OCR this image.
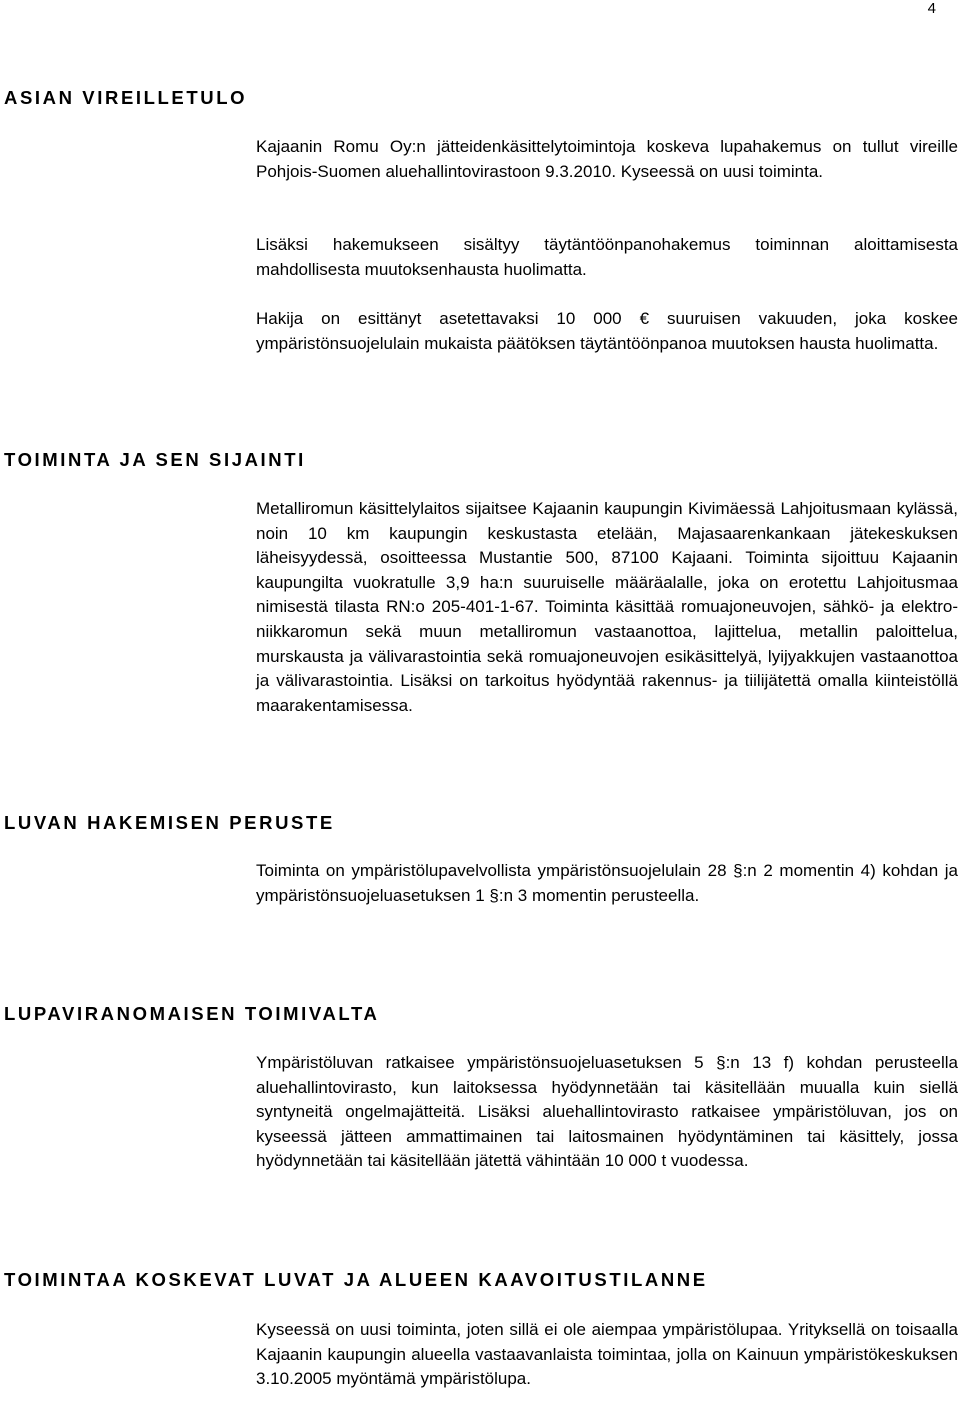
4
ASIAN VIREILLETULO

Kajaanin Romu Oy:n jätteidenkäsittelytoimintoja koskeva lupahakemus on tullut vireille Pohjois-Suomen aluehallintovirastoon 9.3.2010. Kyseessä on uusi toiminta.

Lisäksi hakemukseen sisältyy täytäntöönpanohakemus toiminnan aloittamisesta mahdollisesta muutoksenhausta huolimatta.

Hakija on esittänyt asetettavaksi 10 000 € suuruisen vakuuden, joka koskee ympäristönsuojelulain mukaista päätöksen täytäntöönpanoa muutoksen hausta huolimatta.

TOIMINTA JA SEN SIJAINTI

Metalliromun käsittelylaitos sijaitsee Kajaanin kaupungin Kivimäessä Lahjoitusmaan kylässä, noin 10 km kaupungin keskustasta etelään, Majasaarenkankaan jätekeskuksen läheisyydessä, osoitteessa Mustantie 500, 87100 Kajaani. Toiminta sijoittuu Kajaanin kaupungilta vuokratulle 3,9 ha:n suuruiselle määräalalle, joka on erotettu Lahjoitusmaa nimisestä tilasta RN:o 205-401-1-67. Toiminta käsittää romuajoneuvojen, sähkö- ja elektroniikkaromun sekä muun metalliromun vastaanottoa, lajittelua, metallin paloittelua, murskausta ja välivarastointia sekä romuajoneuvojen esikäsittelyä, lyijyakkujen vastaanottoa ja välivarastointia. Lisäksi on tarkoitus hyödyntää rakennus- ja tiilijätettä omalla kiinteistöllä maarakentamisessa.

LUVAN HAKEMISEN PERUSTE

Toiminta on ympäristölupavelvollista ympäristönsuojelulain 28 §:n 2 momentin 4) kohdan ja ympäristönsuojeluasetuksen 1 §:n 3 momentin perusteella.

LUPAVIRANOMAISEN TOIMIVALTA

Ympäristöluvan ratkaisee ympäristönsuojeluasetuksen 5 §:n 13 f) kohdan perusteella aluehallintovirasto, kun laitoksessa hyödynnetään tai käsitellään muualla kuin siellä syntyneitä ongelmajätteitä. Lisäksi aluehallintovirasto ratkaisee ympäristöluvan, jos on kyseessä jätteen ammattimainen tai laitosmainen hyödyntäminen tai käsittely, jossa hyödynnetään tai käsitellään jätettä vähintään 10 000 t vuodessa.

TOIMINTAA KOSKEVAT LUVAT JA ALUEEN KAAVOITUSTILANNE

Kyseessä on uusi toiminta, joten sillä ei ole aiempaa ympäristölupaa. Yrityksellä on toisaalla Kajaanin kaupungin alueella vastaavanlaista toimintaa, jolla on Kainuun ympäristökeskuksen 3.10.2005 myöntämä ympäristölupa.
